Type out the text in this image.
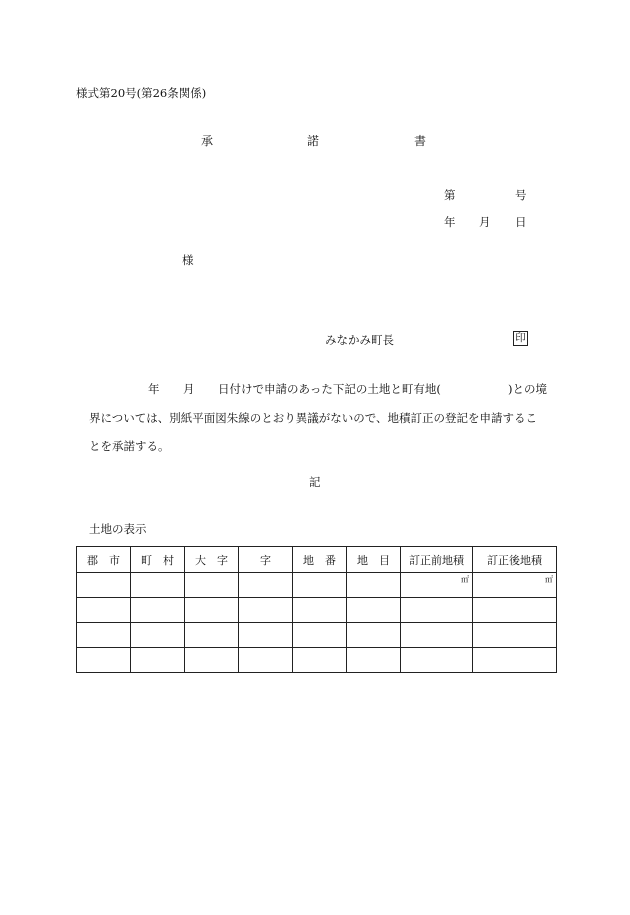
様式第20号(第26条関係)
承	諾	書
第	号
年 月 日
様
みなかみ町長	印
年 月 日付けで申請のあった下記の土地と町有地(	)との境
界については、別紙平面図朱線のとおり異議がないので、地積訂正の登記を申請するこ
とを承諾する。
記
土地の表示
郡　市	町　村	大　字	字	地　番	地　目	訂正前地積	訂正後地積

						㎡	㎡
